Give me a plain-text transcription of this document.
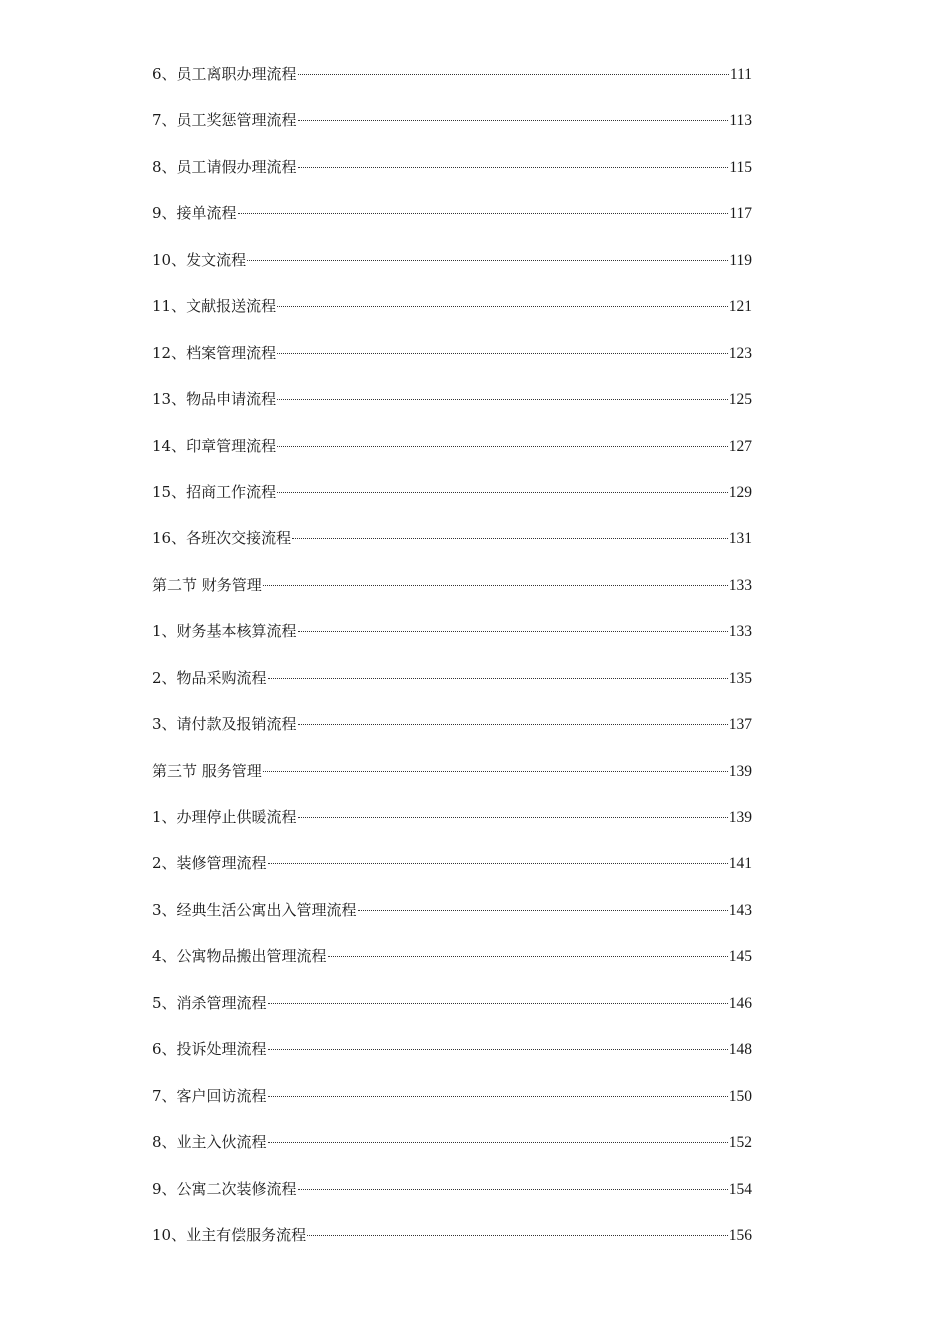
6、员工离职办理流程	111
7、员工奖惩管理流程	113
8、员工请假办理流程	115
9、接单流程	117
10、发文流程	119
11、文献报送流程	121
12、档案管理流程	123
13、物品申请流程	125
14、印章管理流程	127
15、招商工作流程	129
16、各班次交接流程	131
第二节 财务管理	133
1、财务基本核算流程	133
2、物品采购流程	135
3、请付款及报销流程	137
第三节 服务管理	139
1、办理停止供暖流程	139
2、装修管理流程	141
3、经典生活公寓出入管理流程	143
4、公寓物品搬出管理流程	145
5、消杀管理流程	146
6、投诉处理流程	148
7、客户回访流程	150
8、业主入伙流程	152
9、公寓二次装修流程	154
10、业主有偿服务流程	156
